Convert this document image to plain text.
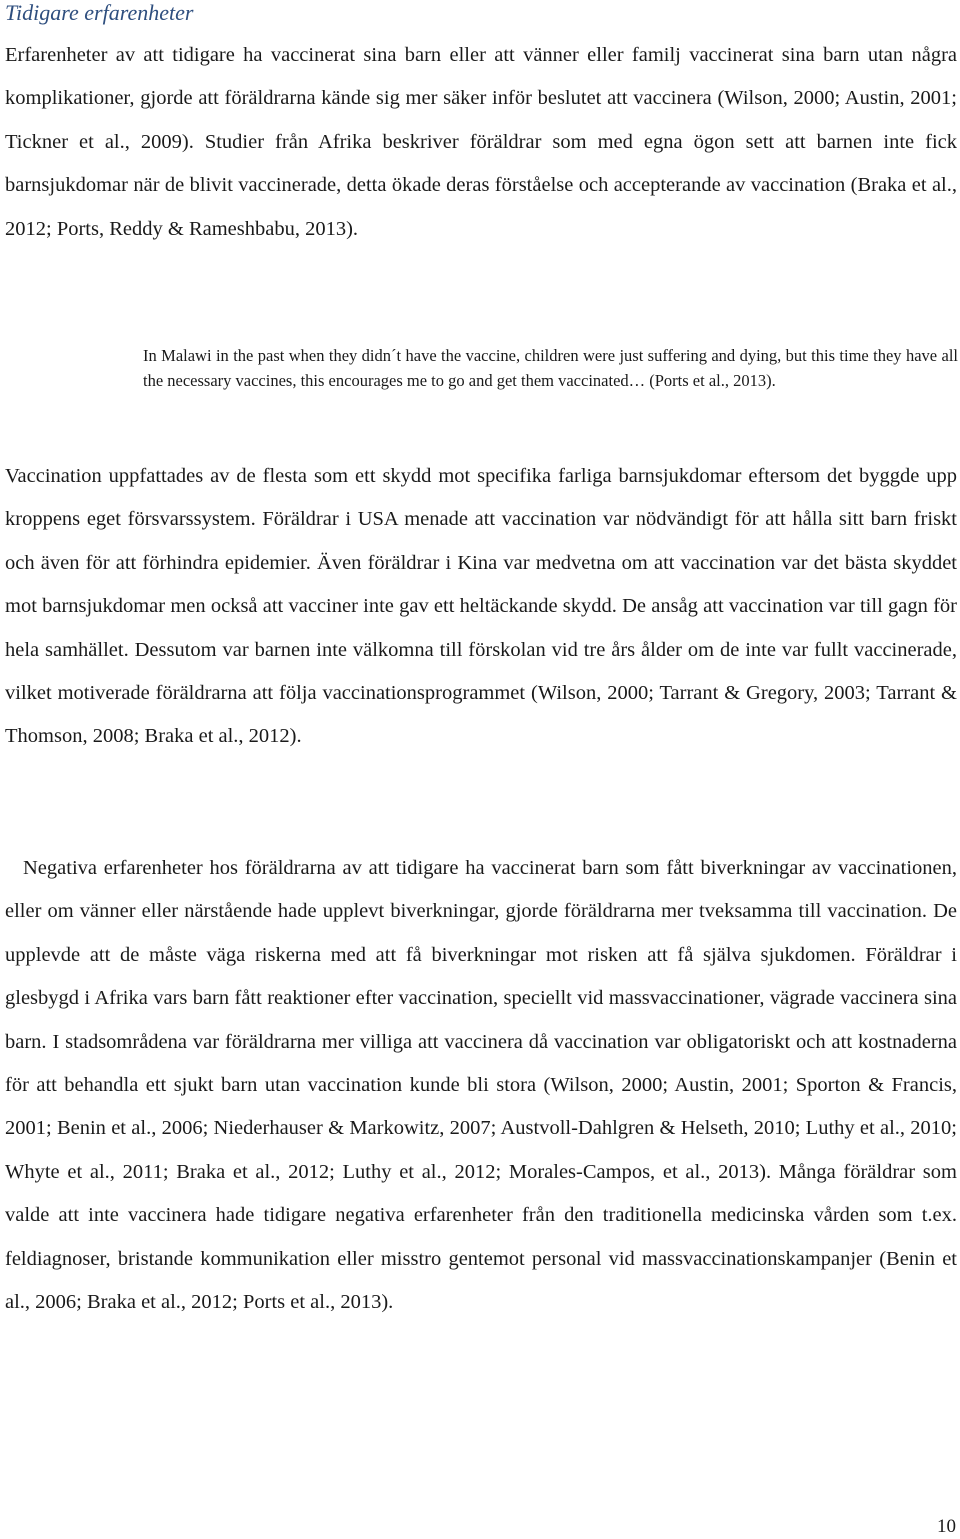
Tidigare erfarenheter

Erfarenheter av att tidigare ha vaccinerat sina barn eller att vänner eller familj vaccinerat sina barn utan några komplikationer, gjorde att föräldrarna kände sig mer säker inför beslutet att vaccinera (Wilson, 2000; Austin, 2001; Tickner et al., 2009). Studier från Afrika beskriver föräldrar som med egna ögon sett att barnen inte fick barnsjukdomar när de blivit vaccinerade, detta ökade deras förståelse och accepterande av vaccination (Braka et al., 2012; Ports, Reddy & Rameshbabu, 2013).

In Malawi in the past when they didn´t have the vaccine, children were just suffering and dying, but this time they have all the necessary vaccines, this encourages me to go and get them vaccinated… (Ports et al., 2013).

Vaccination uppfattades av de flesta som ett skydd mot specifika farliga barnsjukdomar eftersom det byggde upp kroppens eget försvarssystem. Föräldrar i USA menade att vaccination var nödvändigt för att hålla sitt barn friskt och även för att förhindra epidemier. Även föräldrar i Kina var medvetna om att vaccination var det bästa skyddet mot barnsjukdomar men också att vacciner inte gav ett heltäckande skydd. De ansåg att vaccination var till gagn för hela samhället. Dessutom var barnen inte välkomna till förskolan vid tre års ålder om de inte var fullt vaccinerade, vilket motiverade föräldrarna att följa vaccinationsprogrammet (Wilson, 2000; Tarrant & Gregory, 2003; Tarrant & Thomson, 2008; Braka et al., 2012).

Negativa erfarenheter hos föräldrarna av att tidigare ha vaccinerat barn som fått biverkningar av vaccinationen, eller om vänner eller närstående hade upplevt biverkningar, gjorde föräldrarna mer tveksamma till vaccination. De upplevde att de måste väga riskerna med att få biverkningar mot risken att få själva sjukdomen. Föräldrar i glesbygd i Afrika vars barn fått reaktioner efter vaccination, speciellt vid massvaccinationer, vägrade vaccinera sina barn. I stadsområdena var föräldrarna mer villiga att vaccinera då vaccination var obligatoriskt och att kostnaderna för att behandla ett sjukt barn utan vaccination kunde bli stora (Wilson, 2000; Austin, 2001; Sporton & Francis, 2001; Benin et al., 2006; Niederhauser & Markowitz, 2007; Austvoll-Dahlgren & Helseth, 2010; Luthy et al., 2010; Whyte et al., 2011; Braka et al., 2012; Luthy et al., 2012; Morales-Campos, et al., 2013). Många föräldrar som valde att inte vaccinera hade tidigare negativa erfarenheter från den traditionella medicinska vården som t.ex. feldiagnoser, bristande kommunikation eller misstro gentemot personal vid massvaccinationskampanjer (Benin et al., 2006; Braka et al., 2012; Ports et al., 2013).

10
